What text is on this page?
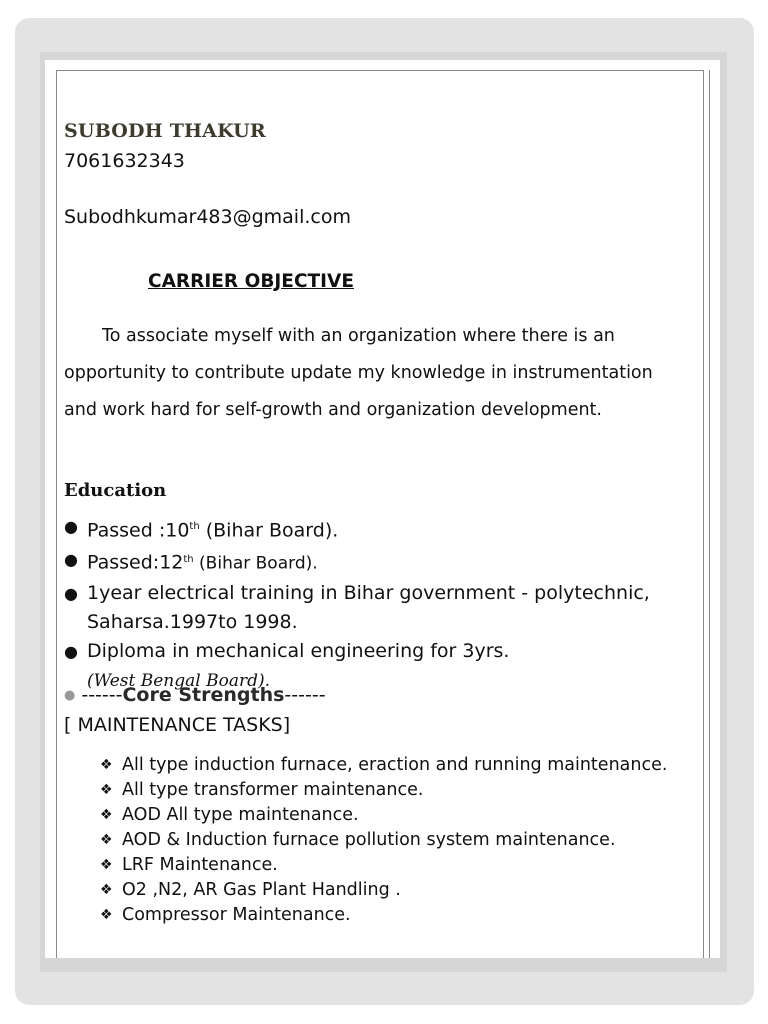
SUBODH THAKUR
7061632343
Subodhkumar483@gmail.com
CARRIER OBJECTIVE
To associate myself with an organization where there is an opportunity to contribute update my knowledge in instrumentation and work hard for self-growth and organization development.
Education
● Passed :10th (Bihar Board).
● Passed:12th (Bihar Board).
● 1year electrical training in Bihar government - polytechnic, Saharsa.1997to 1998.
● Diploma in mechanical engineering for 3yrs.
(West Bengal Board).
● ------Core Strengths------
[ MAINTENANCE TASKS]
❖ All type induction furnace, eraction and running maintenance.
❖ All type transformer maintenance.
❖ AOD All type maintenance.
❖ AOD & Induction furnace pollution system maintenance.
❖ LRF Maintenance.
❖ O2 ,N2, AR Gas Plant Handling .
❖ Compressor Maintenance.
